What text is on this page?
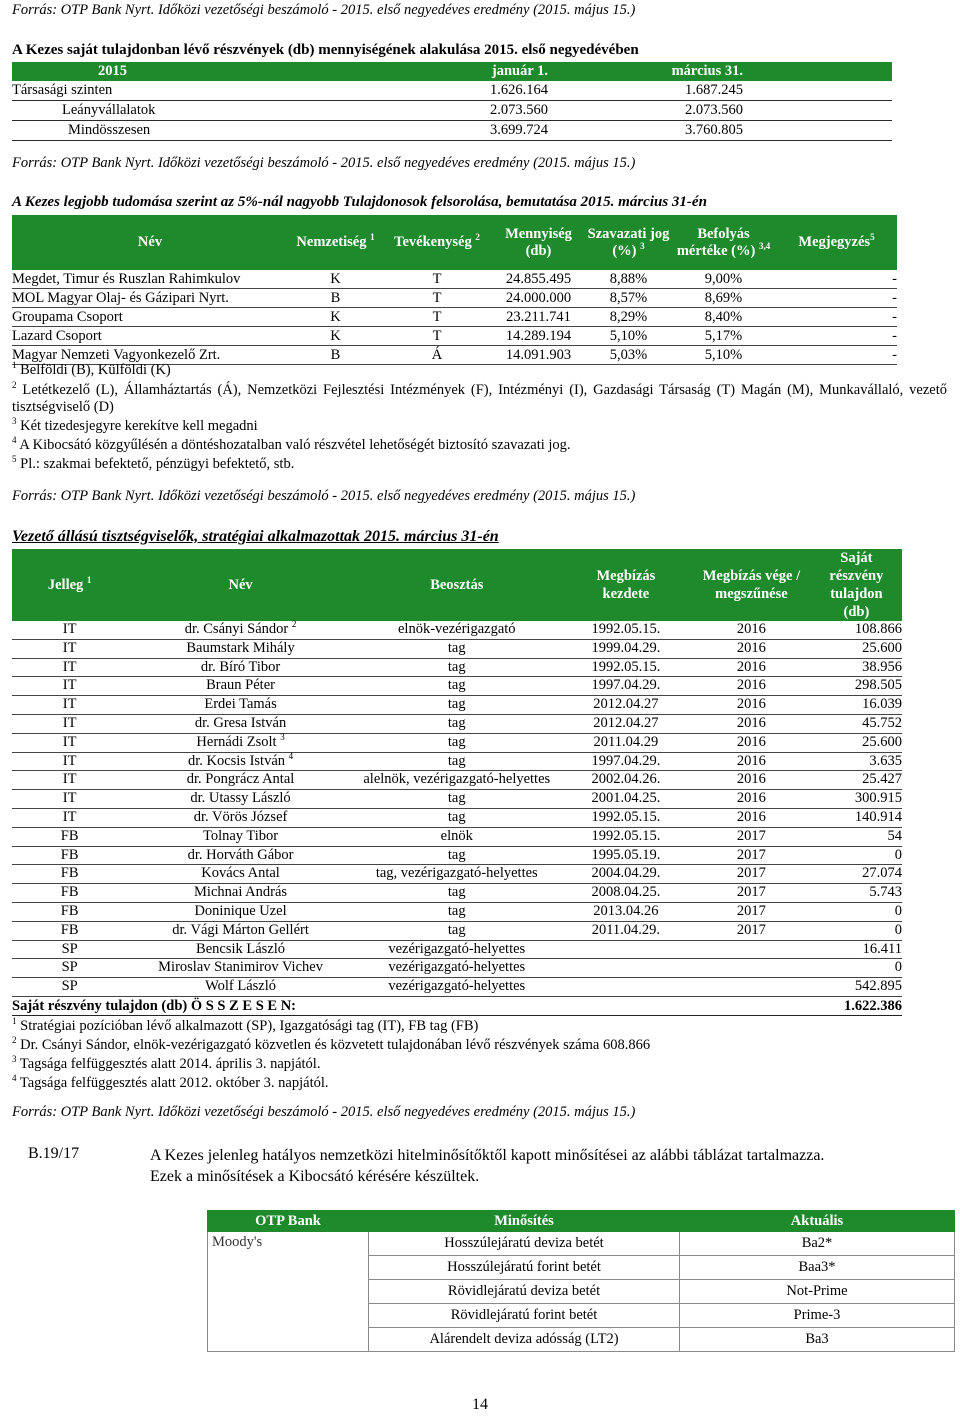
Forrás: OTP Bank Nyrt. Időközi vezetőségi beszámoló - 2015. első negyedéves eredmény (2015. május 15.)
A Kezes saját tulajdonban lévő részvények (db) mennyiségének alakulása 2015. első negyedévében
2015	január 1.	március 31.	
Társasági szinten	1.626.164	1.687.245	
Leányvállalatok	2.073.560	2.073.560	
Mindösszesen	3.699.724	3.760.805	
Forrás: OTP Bank Nyrt. Időközi vezetőségi beszámoló - 2015. első negyedéves eredmény (2015. május 15.)
A Kezes legjobb tudomása szerint az 5%-nál nagyobb Tulajdonosok felsorolása, bemutatása 2015. március 31-én
Név	Nemzetiség $^1$	Tevékenység $^2$	Mennyiség (db)	Szavazati jog (%) $^3$	Befolyás mértéke (%) $^{3,4}$	Megjegyzés$^5$
Megdet, Timur és Ruszlan Rahimkulov	K	T	24.855.495	8,88%	9,00%	-
MOL Magyar Olaj- és Gázipari Nyrt.	B	T	24.000.000	8,57%	8,69%	-
Groupama Csoport	K	T	23.211.741	8,29%	8,40%	-
Lazard Csoport	K	T	14.289.194	5,10%	5,17%	-
Magyar Nemzeti Vagyonkezelő Zrt.	B	Á	14.091.903	5,03%	5,10%	-
$^1$ Belföldi (B), Külföldi (K)
$^2$ Letétkezelő (L), Államháztartás (Á), Nemzetközi Fejlesztési Intézmények (F), Intézményi (I), Gazdasági Társaság (T) Magán (M), Munkavállaló, vezető tisztségviselő (D)
$^3$ Két tizedesjegyre kerekítve kell megadni
$^4$ A Kibocsátó közgyűlésén a döntéshozatalban való részvétel lehetőségét biztosító szavazati jog.
$^5$ Pl.: szakmai befektető, pénzügyi befektető, stb.
Forrás: OTP Bank Nyrt. Időközi vezetőségi beszámoló - 2015. első negyedéves eredmény (2015. május 15.)
Vezető állású tisztségviselők, stratégiai alkalmazottak 2015. március 31-én
Jelleg $^1$	Név	Beosztás	Megbízás kezdete	Megbízás vége / megszűnése	Saját részvény tulajdon (db)
IT	dr. Csányi Sándor $^2$	elnök-vezérigazgató	1992.05.15.	2016	108.866
IT	Baumstark Mihály	tag	1999.04.29.	2016	25.600
IT	dr. Bíró Tibor	tag	1992.05.15.	2016	38.956
IT	Braun Péter	tag	1997.04.29.	2016	298.505
IT	Erdei Tamás	tag	2012.04.27	2016	16.039
IT	dr. Gresa István	tag	2012.04.27	2016	45.752
IT	Hernádi Zsolt $^3$	tag	2011.04.29	2016	25.600
IT	dr. Kocsis István $^4$	tag	1997.04.29.	2016	3.635
IT	dr. Pongrácz Antal	alelnök, vezérigazgató-helyettes	2002.04.26.	2016	25.427
IT	dr. Utassy László	tag	2001.04.25.	2016	300.915
IT	dr. Vörös József	tag	1992.05.15.	2016	140.914
FB	Tolnay Tibor	elnök	1992.05.15.	2017	54
FB	dr. Horváth Gábor	tag	1995.05.19.	2017	0
FB	Kovács Antal	tag, vezérigazgató-helyettes	2004.04.29.	2017	27.074
FB	Michnai András	tag	2008.04.25.	2017	5.743
FB	Doninique Uzel	tag	2013.04.26	2017	0
FB	dr. Vági Márton Gellért	tag	2011.04.29.	2017	0
SP	Bencsik László	vezérigazgató-helyettes			16.411
SP	Miroslav Stanimirov Vichev	vezérigazgató-helyettes			0
SP	Wolf László	vezérigazgató-helyettes			542.895
Saját részvény tulajdon (db) Ö S S Z E S E N:					1.622.386
$^1$ Stratégiai pozícióban lévő alkalmazott (SP), Igazgatósági tag (IT), FB tag (FB)
$^2$ Dr. Csányi Sándor, elnök-vezérigazgató közvetlen és közvetett tulajdonában lévő részvények száma 608.866
$^3$ Tagsága felfüggesztés alatt 2014. április 3. napjától.
$^4$ Tagsága felfüggesztés alatt 2012. október 3. napjától.
Forrás: OTP Bank Nyrt. Időközi vezetőségi beszámoló - 2015. első negyedéves eredmény (2015. május 15.)
B.19/17	A Kezes jelenleg hatályos nemzetközi hitelminősítőktől kapott minősítései az alábbi táblázat tartalmazza.
Ezek a minősítések a Kibocsátó kérésére készültek.
OTP Bank	Minősítés	Aktuális
Moody's	Hosszúlejáratú deviza betét	Ba2*
	Hosszúlejáratú forint betét	Baa3*
	Rövidlejáratú deviza betét	Not-Prime
	Rövidlejáratú forint betét	Prime-3
	Alárendelt deviza adósság (LT2)	Ba3
14
